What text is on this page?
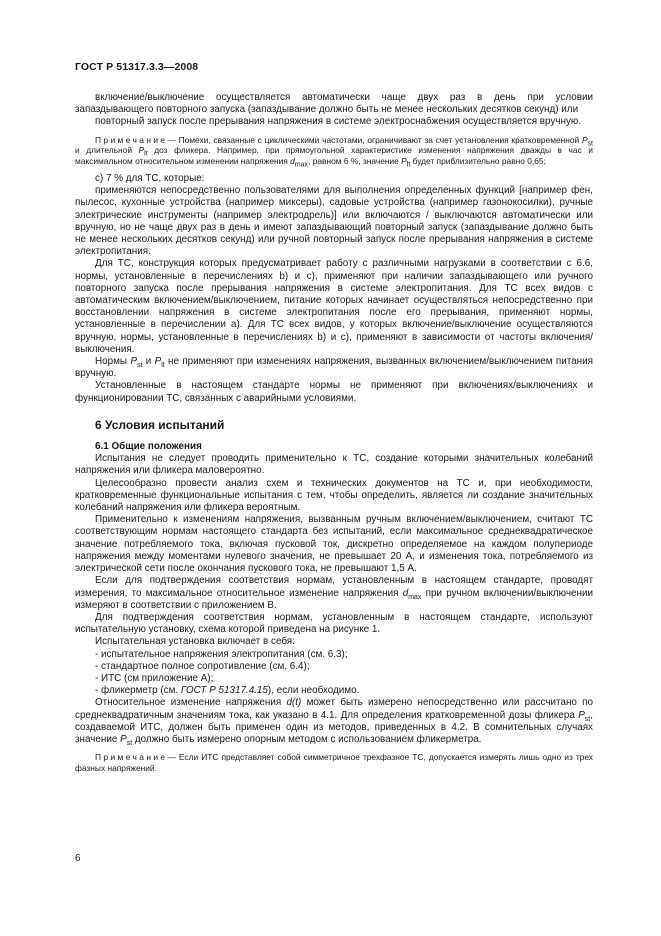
ГОСТ Р 51317.3.3—2008

включение/выключение осуществляется автоматически чаще двух раз в день при условии запаздывающего повторного запуска (запаздывание должно быть не менее нескольких десятков секунд) или

повторный запуск после прерывания напряжения в системе электроснабжения осуществляется вручную.

Примечание— Помехи, связанные с циклическими частотами, ограничивают за счет установления кратковременной $P_{st}$ и длительной $P_{lt}$ доз фликера. Например, при прямоугольной характеристике изменения напряжения дважды в час и максимальном относительном изменении напряжения $d_{max}$, равном 6 %, значение $P_{lt}$ будет приблизительно равно 0,65;

с) 7 % для ТС, которые:

применяются непосредственно пользователями для выполнения определенных функций [например фен, пылесос, кухонные устройства (например миксеры), садовые устройства (например газонокосилки), ручные электрические инструменты (например электродрель)] или включаются / выключаются автоматически или вручную, но не чаще двух раз в день и имеют запаздывающий повторный запуск (запаздывание должно быть не менее нескольких десятков секунд) или ручной повторный запуск после прерывания напряжения в системе электропитания.

Для ТС, конструкция которых предусматривает работу с различными нагрузками в соответствии с 6.6, нормы, установленные в перечислениях b) и c), применяют при наличии запаздывающего или ручного повторного запуска после прерывания напряжения в системе электропитания. Для ТС всех видов с автоматическим включением/выключением, питание которых начинает осуществляться непосредственно при восстановлении напряжения в системе электропитания после его прерывания, применяют нормы, установленные в перечислении a). Для ТС всех видов, у которых включение/выключение осуществляются вручную, нормы, установленные в перечислениях b) и c), применяют в зависимости от частоты включения/выключения.

Нормы $P_{st}$ и $P_{lt}$ не применяют при изменениях напряжения, вызванных включением/выключением питания вручную.

Установленные в настоящем стандарте нормы не применяют при включениях/выключениях и функционировании ТС, связанных с аварийными условиями.

6 Условия испытаний

6.1 Общие положения

Испытания не следует проводить применительно к ТС, создание которыми значительных колебаний напряжения или фликера маловероятно.

Целесообразно провести анализ схем и технических документов на ТС и, при необходимости, кратковременные функциональные испытания с тем, чтобы определить, является ли создание значительных колебаний напряжения или фликера вероятным.

Применительно к изменениям напряжения, вызванным ручным включением/выключением, считают ТС соответствующим нормам настоящего стандарта без испытаний, если максимальное среднеквадратическое значение потребляемого тока, включая пусковой ток, дискретно определяемое на каждом полупериоде напряжения между моментами нулевого значения, не превышает 20 А, и изменения тока, потребляемого из электрической сети после окончания пускового тока, не превышают 1,5 А.

Если для подтверждения соответствия нормам, установленным в настоящем стандарте, проводят измерения, то максимальное относительное изменение напряжения $d_{max}$ при ручном включении/выключении измеряют в соответствии с приложением В.

Для подтверждения соответствия нормам, установленным в настоящем стандарте, используют испытательную установку, схема которой приведена на рисунке 1.

Испытательная установка включает в себя:

- испытательное напряжения электропитания (см. 6.3);

- стандартное полное сопротивление (см. 6.4);

- ИТС (см приложение А);

- фликерметр (см. ГОСТ Р 51317.4.15), если необходимо.

Относительное изменение напряжения d(t) может быть измерено непосредственно или рассчитано по среднеквадратичным значениям тока, как указано в 4.1. Для определения кратковременной дозы фликера $P_{st}$, создаваемой ИТС, должен быть применен один из методов, приведенных в 4.2. В сомнительных случаях значение $P_{st}$ должно быть измерено опорным методом с использованием фликерметра.

Примечание— Если ИТС представляет собой симметричное трехфазное ТС, допускается измерять лишь одно из трех фазных напряжений.

6
